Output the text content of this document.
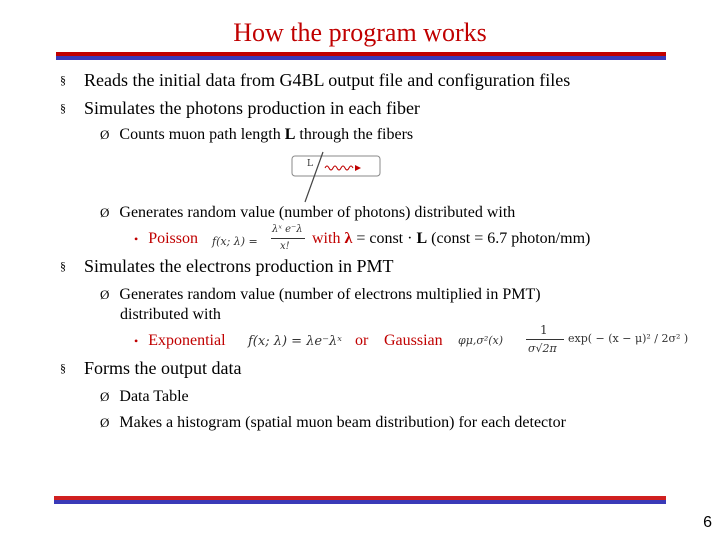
How the program works
§ Reads the initial data from G4BL output file and configuration files
§ Simulates the photons production in each fiber
Ø Counts muon path length L through the fibers
L
Ø Generates random value (number of photons) distributed with
• Poisson f(x; λ) =
λˣ e⁻λ
x! with λ = const · L (const = 6.7 photon/mm)
§ Simulates the electrons production in PMT
Ø Generates random value (number of electrons multiplied in PMT)
distributed with
• Exponential f(x; λ) = λe⁻λˣ or Gaussian φμ,σ²(x)
1
σ√2π
exp( − (x − μ)² / 2σ² )
§ Forms the output data
Ø Data Table
Ø Makes a histogram (spatial muon beam distribution) for each detector
6
